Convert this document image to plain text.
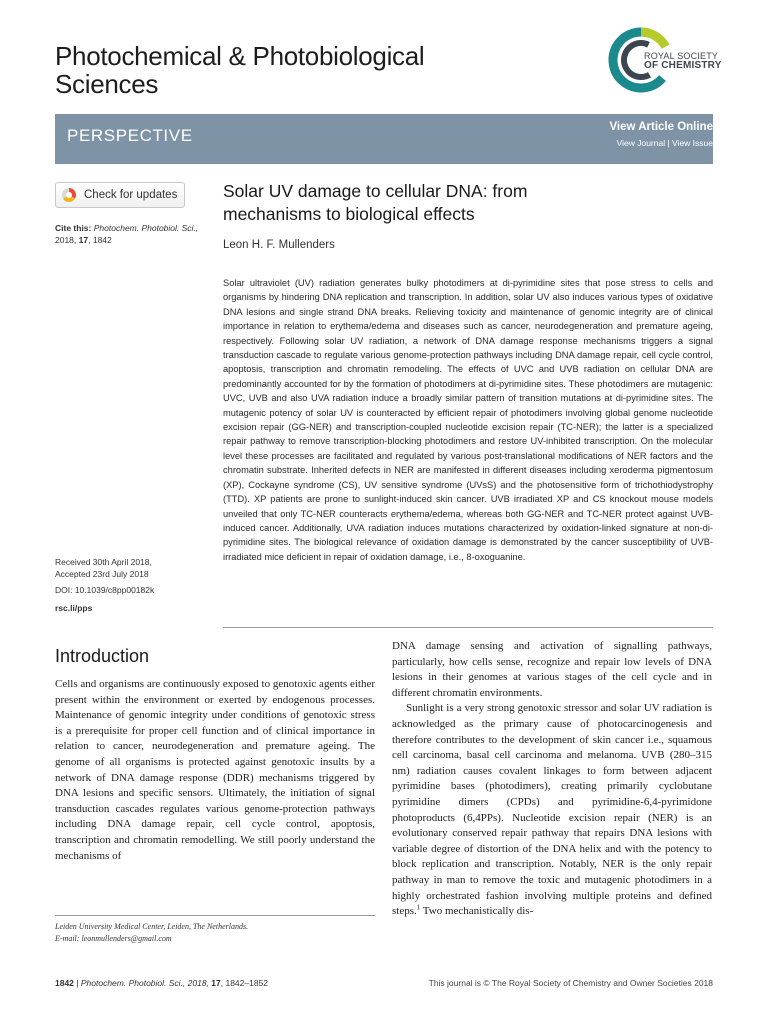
Photochemical & Photobiological Sciences
ROYAL SOCIETY
OF CHEMISTRY
PERSPECTIVE	View Article Online
View Journal | View Issue
Check for updates
Cite this: Photochem. Photobiol. Sci.,
2018, 17, 1842
Received 30th April 2018,
Accepted 23rd July 2018
DOI: 10.1039/c8pp00182k
rsc.li/pps
Solar UV damage to cellular DNA: from mechanisms to biological effects
Leon H. F. Mullenders
Solar ultraviolet (UV) radiation generates bulky photodimers at di-pyrimidine sites that pose stress to cells and organisms by hindering DNA replication and transcription. In addition, solar UV also induces various types of oxidative DNA lesions and single strand DNA breaks. Relieving toxicity and maintenance of genomic integrity are of clinical importance in relation to erythema/edema and diseases such as cancer, neurodegeneration and premature ageing, respectively. Following solar UV radiation, a network of DNA damage response mechanisms triggers a signal transduction cascade to regulate various genome-protection pathways including DNA damage repair, cell cycle control, apoptosis, transcription and chromatin remodeling. The effects of UVC and UVB radiation on cellular DNA are predominantly accounted for by the formation of photodimers at di-pyrimidine sites. These photodimers are mutagenic: UVC, UVB and also UVA radiation induce a broadly similar pattern of transition mutations at di-pyrimidine sites. The mutagenic potency of solar UV is counteracted by efficient repair of photodimers involving global genome nucleotide excision repair (GG-NER) and transcription-coupled nucleotide excision repair (TC-NER); the latter is a specialized repair pathway to remove transcription-blocking photodimers and restore UV-inhibited transcription. On the molecular level these processes are facilitated and regulated by various post-translational modifications of NER factors and the chromatin substrate. Inherited defects in NER are manifested in different diseases including xeroderma pigmentosum (XP), Cockayne syndrome (CS), UV sensitive syndrome (UVsS) and the photosensitive form of trichothiodystrophy (TTD). XP patients are prone to sunlight-induced skin cancer. UVB irradiated XP and CS knockout mouse models unveiled that only TC-NER counteracts erythema/edema, whereas both GG-NER and TC-NER protect against UVB-induced cancer. Additionally, UVA radiation induces mutations characterized by oxidation-linked signature at non-di-pyrimidine sites. The biological relevance of oxidation damage is demonstrated by the cancer susceptibility of UVB-irradiated mice deficient in repair of oxidation damage, i.e., 8-oxoguanine.
Introduction

Cells and organisms are continuously exposed to genotoxic agents either present within the environment or exerted by endogenous processes. Maintenance of genomic integrity under conditions of genotoxic stress is a prerequisite for proper cell function and of clinical importance in relation to cancer, neurodegeneration and premature ageing. The genome of all organisms is protected against genotoxic insults by a network of DNA damage response (DDR) mechanisms triggered by DNA lesions and specific sensors. Ultimately, the initiation of signal transduction cascades regulates various genome-protection pathways including DNA damage repair, cell cycle control, apoptosis, transcription and chromatin remodelling. We still poorly understand the mechanisms of

DNA damage sensing and activation of signalling pathways, particularly, how cells sense, recognize and repair low levels of DNA lesions in their genomes at various stages of the cell cycle and in different chromatin environments.

Sunlight is a very strong genotoxic stressor and solar UV radiation is acknowledged as the primary cause of photocarcinogenesis and therefore contributes to the development of skin cancer i.e., squamous cell carcinoma, basal cell carcinoma and melanoma. UVB (280–315 nm) radiation causes covalent linkages to form between adjacent pyrimidine bases (photodimers), creating primarily cyclobutane pyrimidine dimers (CPDs) and pyrimidine-6,4-pyrimidone photoproducts (6,4PPs). Nucleotide excision repair (NER) is an evolutionary conserved repair pathway that repairs DNA lesions with variable degree of distortion of the DNA helix and with the potency to block replication and transcription. Notably, NER is the only repair pathway in man to remove the toxic and mutagenic photodimers in a highly orchestrated fashion involving multiple proteins and defined steps.$^1$ Two mechanistically dis-

Leiden University Medical Center, Leiden, The Netherlands.
E-mail: leonmullenders@gmail.com
1842 | Photochem. Photobiol. Sci., 2018, 17, 1842–1852	This journal is © The Royal Society of Chemistry and Owner Societies 2018
